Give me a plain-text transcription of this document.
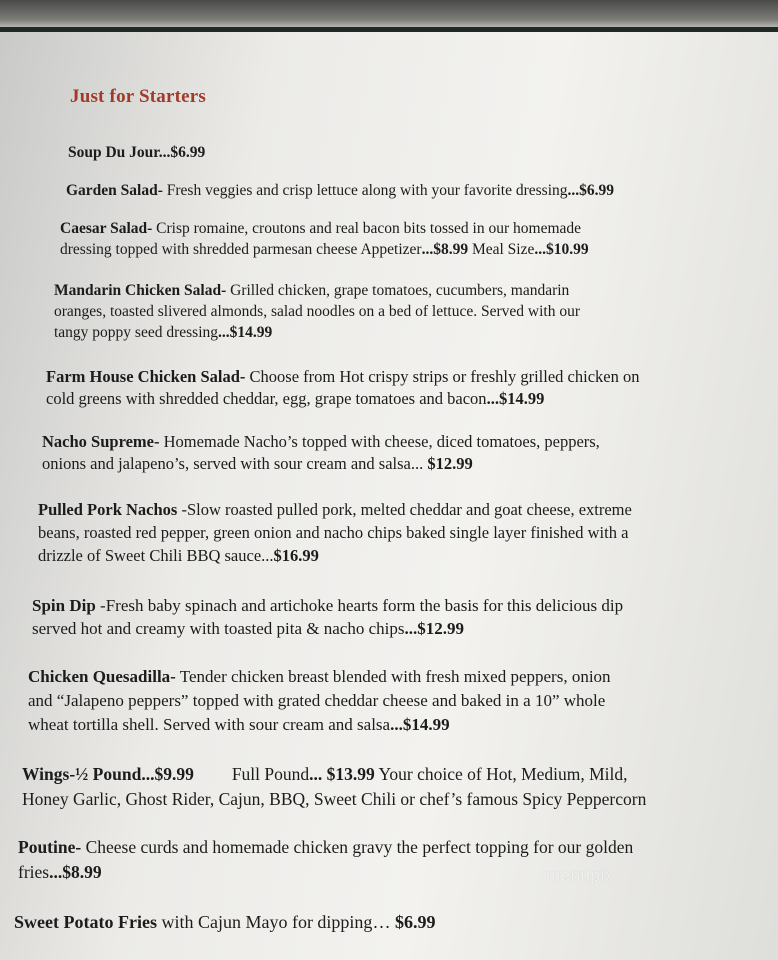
Just for Starters
Soup Du Jour...$6.99
Garden Salad- Fresh veggies and crisp lettuce along with your favorite dressing...$6.99
Caesar Salad- Crisp romaine, croutons and real bacon bits tossed in our homemade
dressing topped with shredded parmesan cheese Appetizer...$8.99 Meal Size...$10.99
Mandarin Chicken Salad- Grilled chicken, grape tomatoes, cucumbers, mandarin
oranges, toasted slivered almonds, salad noodles on a bed of lettuce. Served with our
tangy poppy seed dressing...$14.99
Farm House Chicken Salad- Choose from Hot crispy strips or freshly grilled chicken on
cold greens with shredded cheddar, egg, grape tomatoes and bacon...$14.99
Nacho Supreme- Homemade Nacho’s topped with cheese, diced tomatoes, peppers,
onions and jalapeno’s, served with sour cream and salsa... $12.99
Pulled Pork Nachos -Slow roasted pulled pork, melted cheddar and goat cheese, extreme
beans, roasted red pepper, green onion and nacho chips baked single layer finished with a
drizzle of Sweet Chili BBQ sauce...$16.99
Spin Dip -Fresh baby spinach and artichoke hearts form the basis for this delicious dip
served hot and creamy with toasted pita & nacho chips...$12.99
Chicken Quesadilla- Tender chicken breast blended with fresh mixed peppers, onion
and “Jalapeno peppers” topped with grated cheddar cheese and baked in a 10” whole
wheat tortilla shell. Served with sour cream and salsa...$14.99
Wings-½ Pound...$9.99 Full Pound... $13.99 Your choice of Hot, Medium, Mild,
Honey Garlic, Ghost Rider, Cajun, BBQ, Sweet Chili or chef’s famous Spicy Peppercorn
Poutine- Cheese curds and homemade chicken gravy the perfect topping for our golden
fries...$8.99
Sweet Potato Fries with Cajun Mayo for dipping… $6.99
menupix
